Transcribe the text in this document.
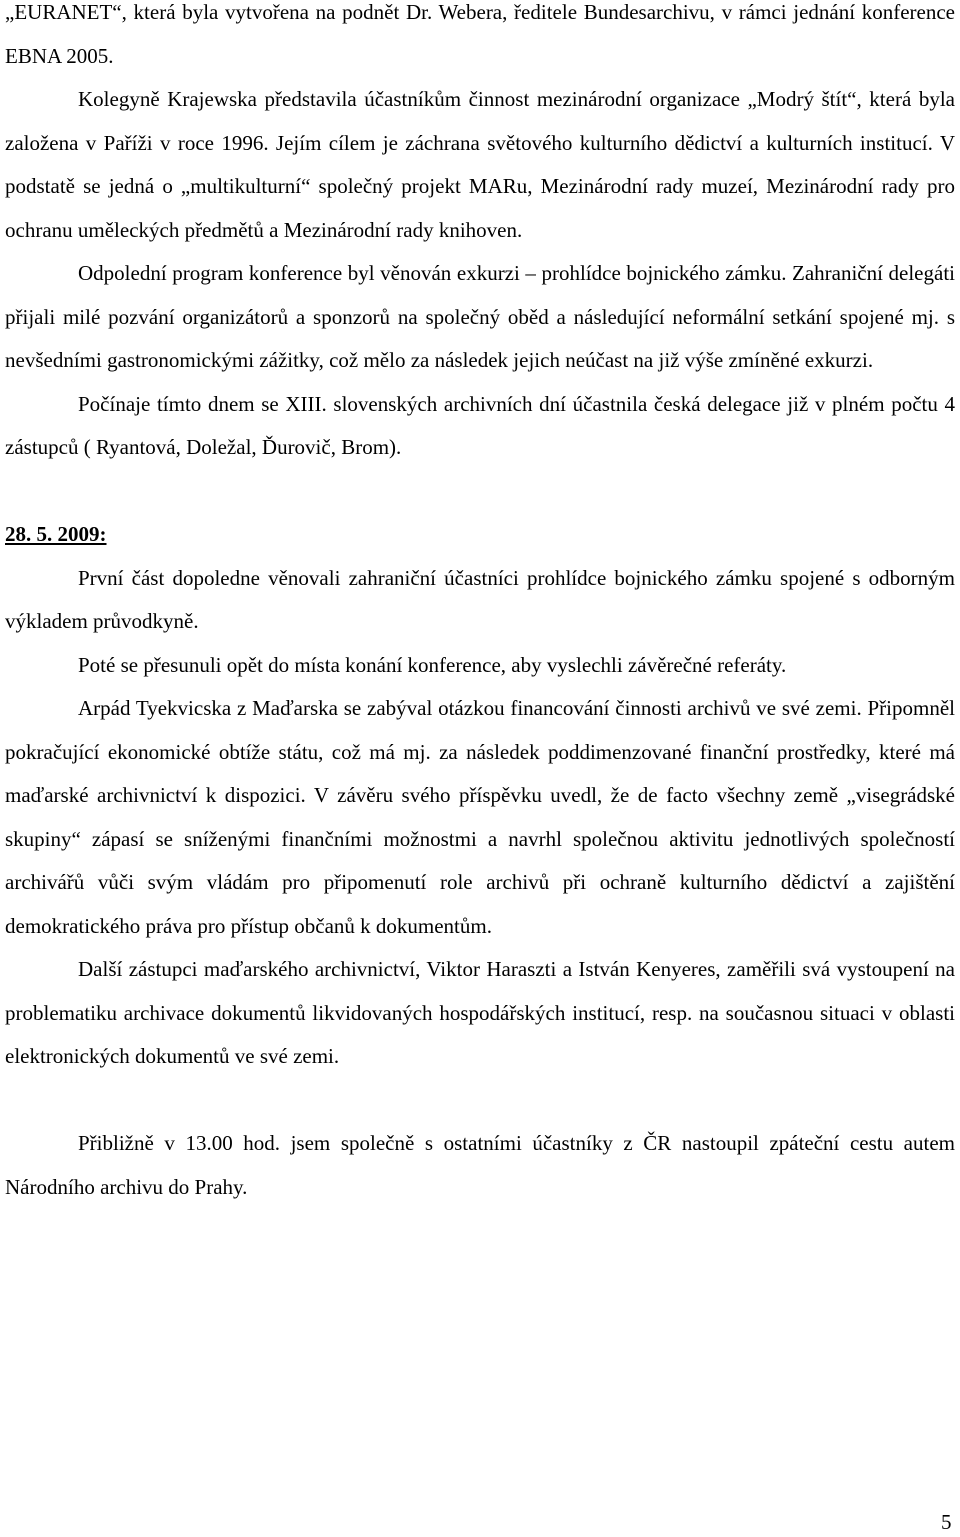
„EURANET“, která byla vytvořena na podnět Dr. Webera, ředitele Bundesarchivu, v rámci jednání konference EBNA 2005.

Kolegyně Krajewska představila účastníkům činnost mezinárodní organizace „Modrý štít“, která byla založena v Paříži v roce 1996. Jejím cílem je záchrana světového kulturního dědictví a kulturních institucí. V podstatě se jedná o „multikulturní“ společný projekt MARu, Mezinárodní rady muzeí, Mezinárodní rady pro ochranu uměleckých předmětů a Mezinárodní rady knihoven.

Odpolední program konference byl věnován exkurzi – prohlídce bojnického zámku. Zahraniční delegáti přijali milé pozvání organizátorů a sponzorů na společný oběd a následující neformální setkání spojené mj. s nevšedními gastronomickými zážitky, což mělo za následek jejich neúčast na již výše zmíněné exkurzi.

Počínaje tímto dnem se XIII. slovenských archivních dní účastnila česká delegace již v plném počtu 4 zástupců ( Ryantová, Doležal, Ďurovič, Brom).

28. 5. 2009:

První část dopoledne věnovali zahraniční účastníci prohlídce bojnického zámku spojené s odborným výkladem průvodkyně.

Poté se přesunuli opět do místa konání konference, aby vyslechli závěrečné referáty.

Arpád Tyekvicska z Maďarska se zabýval otázkou financování činnosti archivů ve své zemi. Připomněl pokračující ekonomické obtíže státu, což má mj. za následek poddimenzované finanční prostředky, které má maďarské archivnictví k dispozici. V závěru svého příspěvku uvedl, že de facto všechny země „visegrádské skupiny“ zápasí se sníženými finančními možnostmi a navrhl společnou aktivitu jednotlivých společností archivářů vůči svým vládám pro připomenutí role archivů při ochraně kulturního dědictví a zajištění demokratického práva pro přístup občanů k dokumentům.

Další zástupci maďarského archivnictví, Viktor Haraszti a István Kenyeres, zaměřili svá vystoupení na problematiku archivace dokumentů likvidovaných hospodářských institucí, resp. na současnou situaci v oblasti elektronických dokumentů ve své zemi.

Přibližně v 13.00 hod. jsem společně s ostatními účastníky z ČR nastoupil zpáteční cestu autem Národního archivu do Prahy.

5
